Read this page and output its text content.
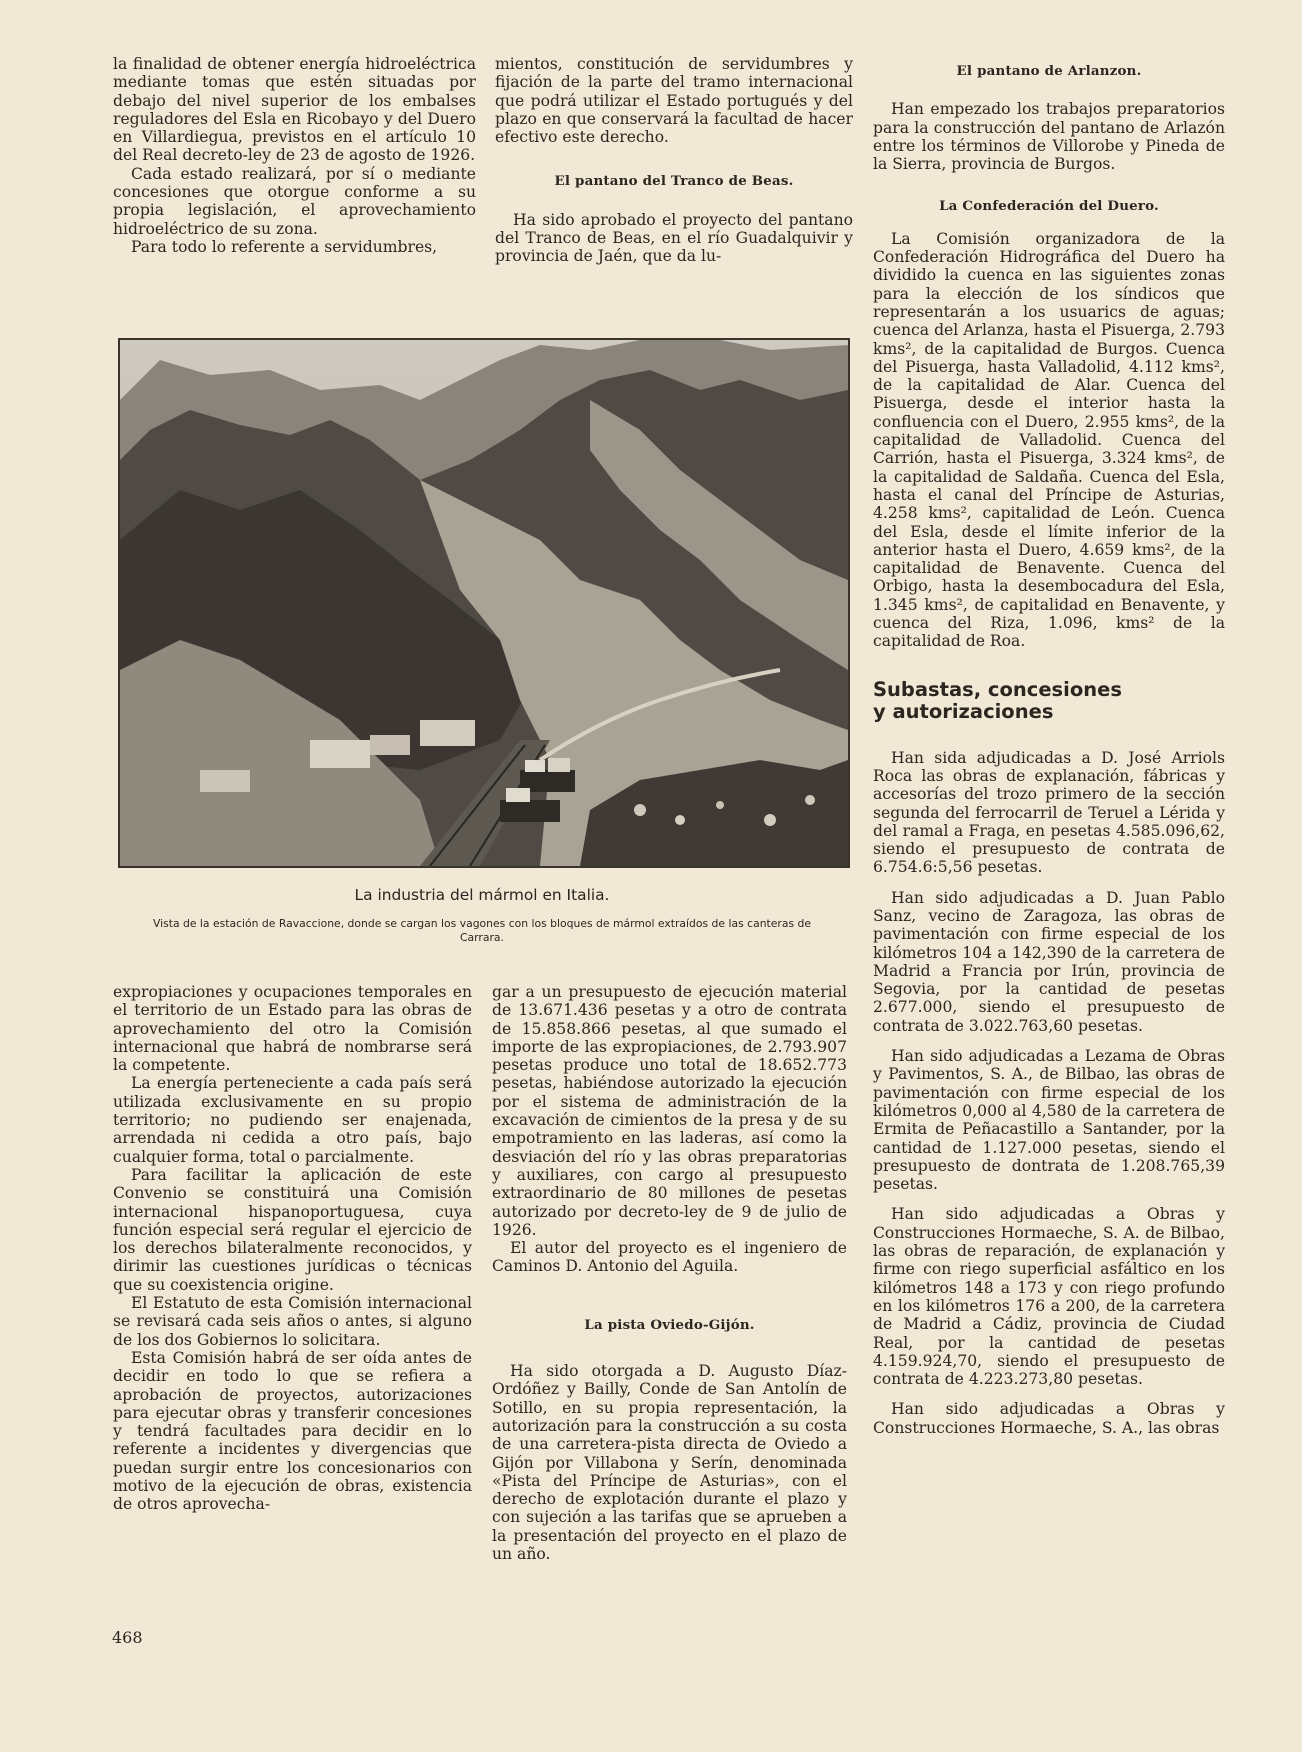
la finalidad de obtener energía hidroeléctrica mediante tomas que estén situadas por debajo del nivel superior de los embalses reguladores del Esla en Ricobayo y del Duero en Villardiegua, previstos en el artículo 10 del Real decreto-ley de 23 de agosto de 1926.

Cada estado realizará, por sí o mediante concesiones que otorgue conforme a su propia legislación, el aprovechamiento hidroeléctrico de su zona.

Para todo lo referente a servidumbres,

mientos, constitución de servidumbres y fijación de la parte del tramo internacional que podrá utilizar el Estado portugués y del plazo en que conservará la facultad de hacer efectivo este derecho.

El pantano del Tranco de Beas.

Ha sido aprobado el proyecto del pantano del Tranco de Beas, en el río Guadalquivir y provincia de Jaén, que da lu-

El pantano de Arlanzon.

Han empezado los trabajos preparatorios para la construcción del pantano de Arlazón entre los términos de Villorobe y Pineda de la Sierra, provincia de Burgos.

La Confederación del Duero.

La Comisión organizadora de la Confederación Hidrográfica del Duero ha dividido la cuenca en las siguientes zonas para la elección de los síndicos que representarán a los usuarics de aguas; cuenca del Arlanza, hasta el Pisuerga, 2.793 kms², de la capitalidad de Burgos. Cuenca del Pisuerga, hasta Valladolid, 4.112 kms², de la capitalidad de Alar. Cuenca del Pisuerga, desde el interior hasta la confluencia con el Duero, 2.955 kms², de la capitalidad de Valladolid. Cuenca del Carrión, hasta el Pisuerga, 3.324 kms², de la capitalidad de Saldaña. Cuenca del Esla, hasta el canal del Príncipe de Asturias, 4.258 kms², capitalidad de León. Cuenca del Esla, desde el límite inferior de la anterior hasta el Duero, 4.659 kms², de la capitalidad de Benavente. Cuenca del Orbigo, hasta la desembocadura del Esla, 1.345 kms², de capitalidad en Benavente, y cuenca del Riza, 1.096, kms² de la capitalidad de Roa.

Subastas, concesiones
y autorizaciones

Han sida adjudicadas a D. José Arriols Roca las obras de explanación, fábricas y accesorías del trozo primero de la sección segunda del ferrocarril de Teruel a Lérida y del ramal a Fraga, en pesetas 4.585.096,62, siendo el presupuesto de contrata de 6.754.6:5,56 pesetas.

Han sido adjudicadas a D. Juan Pablo Sanz, vecino de Zaragoza, las obras de pavimentación con firme especial de los kilómetros 104 a 142,390 de la carretera de Madrid a Francia por Irún, provincia de Segovia, por la cantidad de pesetas 2.677.000, siendo el presupuesto de contrata de 3.022.763,60 pesetas.

Han sido adjudicadas a Lezama de Obras y Pavimentos, S. A., de Bilbao, las obras de pavimentación con firme especial de los kilómetros 0,000 al 4,580 de la carretera de Ermita de Peñacastillo a Santander, por la cantidad de 1.127.000 pesetas, siendo el presupuesto de dontrata de 1.208.765,39 pesetas.

Han sido adjudicadas a Obras y Construcciones Hormaeche, S. A. de Bilbao, las obras de reparación, de explanación y firme con riego superficial asfáltico en los kilómetros 148 a 173 y con riego profundo en los kilómetros 176 a 200, de la carretera de Madrid a Cádiz, provincia de Ciudad Real, por la cantidad de pesetas 4.159.924,70, siendo el presupuesto de contrata de 4.223.273,80 pesetas.

Han sido adjudicadas a Obras y Construcciones Hormaeche, S. A., las obras

La industria del mármol en Italia.
Vista de la estación de Ravaccione, donde se cargan los vagones con los bloques de mármol extraídos de las canteras de Carrara.

expropiaciones y ocupaciones temporales en el territorio de un Estado para las obras de aprovechamiento del otro la Comisión internacional que habrá de nombrarse será la competente.

La energía perteneciente a cada país será utilizada exclusivamente en su propio territorio; no pudiendo ser enajenada, arrendada ni cedida a otro país, bajo cualquier forma, total o parcialmente.

Para facilitar la aplicación de este Convenio se constituirá una Comisión internacional hispanoportuguesa, cuya función especial será regular el ejercicio de los derechos bilateralmente reconocidos, y dirimir las cuestiones jurídicas o técnicas que su coexistencia origine.

El Estatuto de esta Comisión internacional se revisará cada seis años o antes, si alguno de los dos Gobiernos lo solicitara.

Esta Comisión habrá de ser oída antes de decidir en todo lo que se refiera a aprobación de proyectos, autorizaciones para ejecutar obras y transferir concesiones y tendrá facultades para decidir en lo referente a incidentes y divergencias que puedan surgir entre los concesionarios con motivo de la ejecución de obras, existencia de otros aprovecha-

gar a un presupuesto de ejecución material de 13.671.436 pesetas y a otro de contrata de 15.858.866 pesetas, al que sumado el importe de las expropiaciones, de 2.793.907 pesetas produce uno total de 18.652.773 pesetas, habiéndose autorizado la ejecución por el sistema de administración de la excavación de cimientos de la presa y de su empotramiento en las laderas, así como la desviación del río y las obras preparatorias y auxiliares, con cargo al presupuesto extraordinario de 80 millones de pesetas autorizado por decreto-ley de 9 de julio de 1926.

El autor del proyecto es el ingeniero de Caminos D. Antonio del Aguila.

La pista Oviedo-Gijón.

Ha sido otorgada a D. Augusto Díaz-Ordóñez y Bailly, Conde de San Antolín de Sotillo, en su propia representación, la autorización para la construcción a su costa de una carretera-pista directa de Oviedo a Gijón por Villabona y Serín, denominada «Pista del Príncipe de Asturias», con el derecho de explotación durante el plazo y con sujeción a las tarifas que se aprueben a la presentación del proyecto en el plazo de un año.

468
